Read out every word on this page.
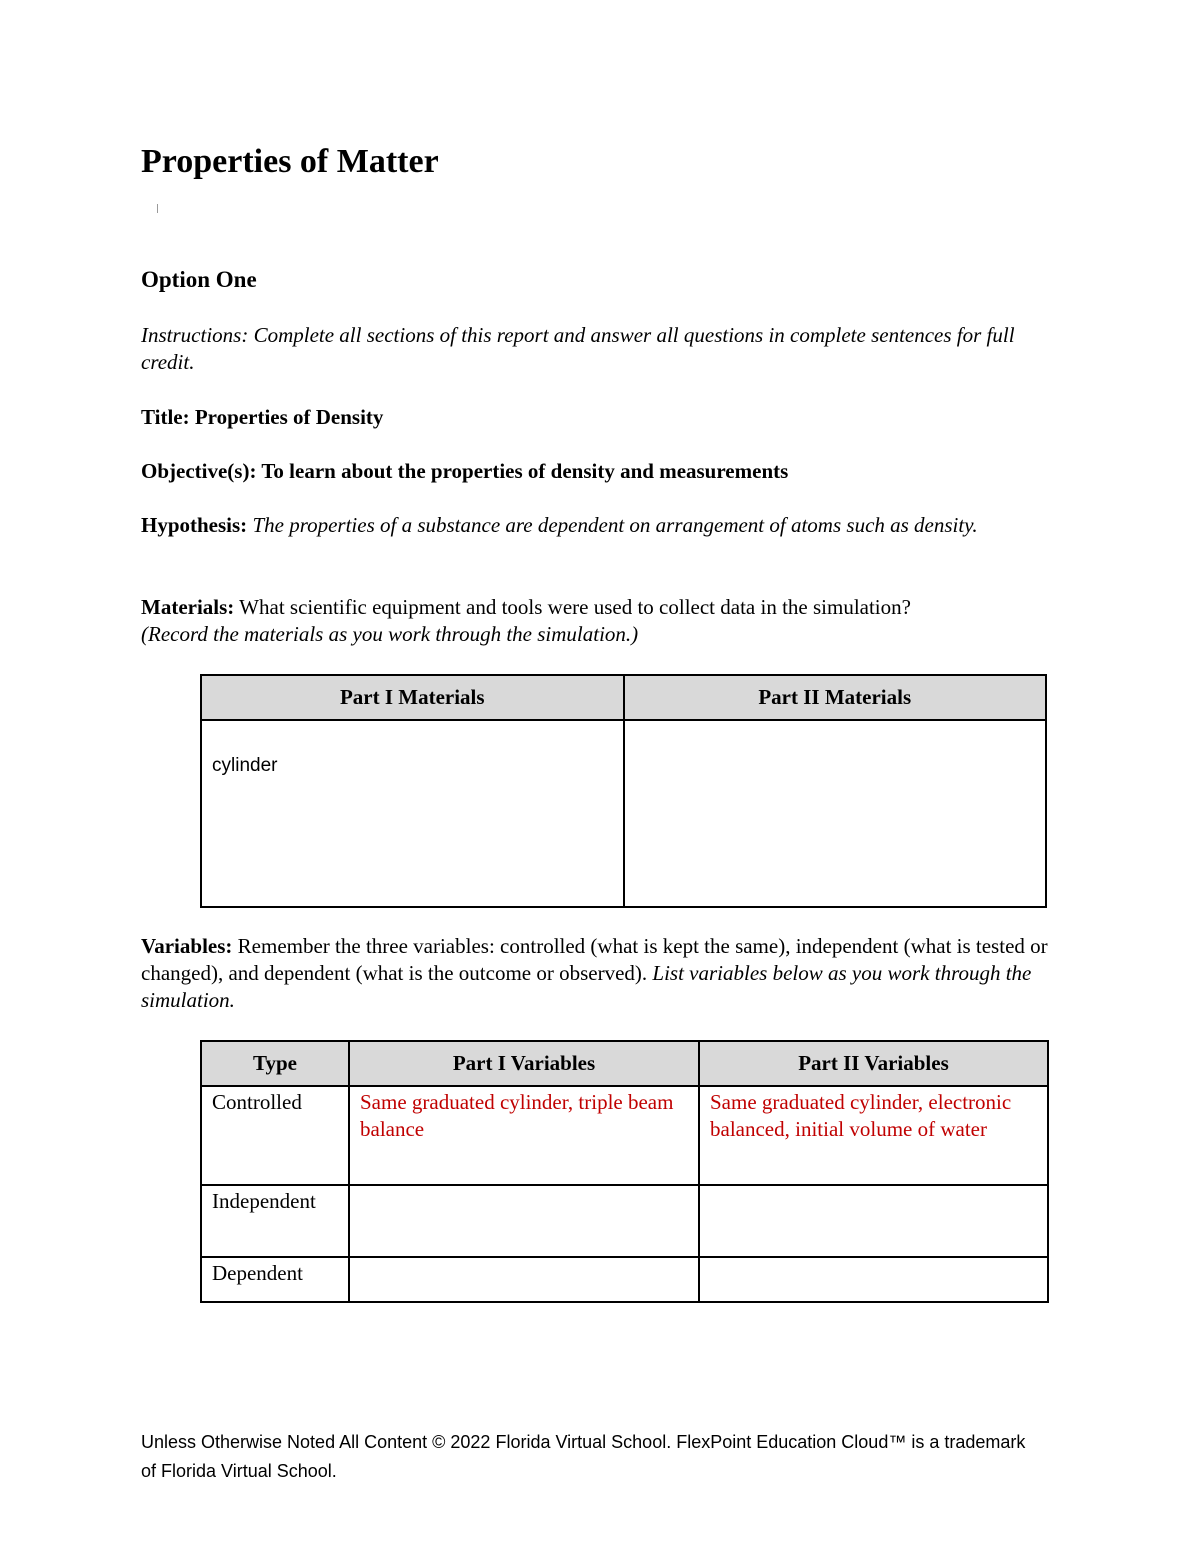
Properties of Matter
Option One

Instructions: Complete all sections of this report and answer all questions in complete sentences for full credit.

Title: Properties of Density

Objective(s): To learn about the properties of density and measurements

Hypothesis: The properties of a substance are dependent on arrangement of atoms such as density.

Materials: What scientific equipment and tools were used to collect data in the simulation?
(Record the materials as you work through the simulation.)

Part I Materials	Part II Materials

cylinder	

Variables: Remember the three variables: controlled (what is kept the same), independent (what is tested or changed), and dependent (what is the outcome or observed). List variables below as you work through the simulation.

Type	Part I Variables	Part II Variables
Controlled	Same graduated cylinder, triple beam balance	Same graduated cylinder, electronic balanced, initial volume of water
Independent		
Dependent		

Unless Otherwise Noted All Content © 2022 Florida Virtual School. FlexPoint Education Cloud™ is a trademark of Florida Virtual School.
